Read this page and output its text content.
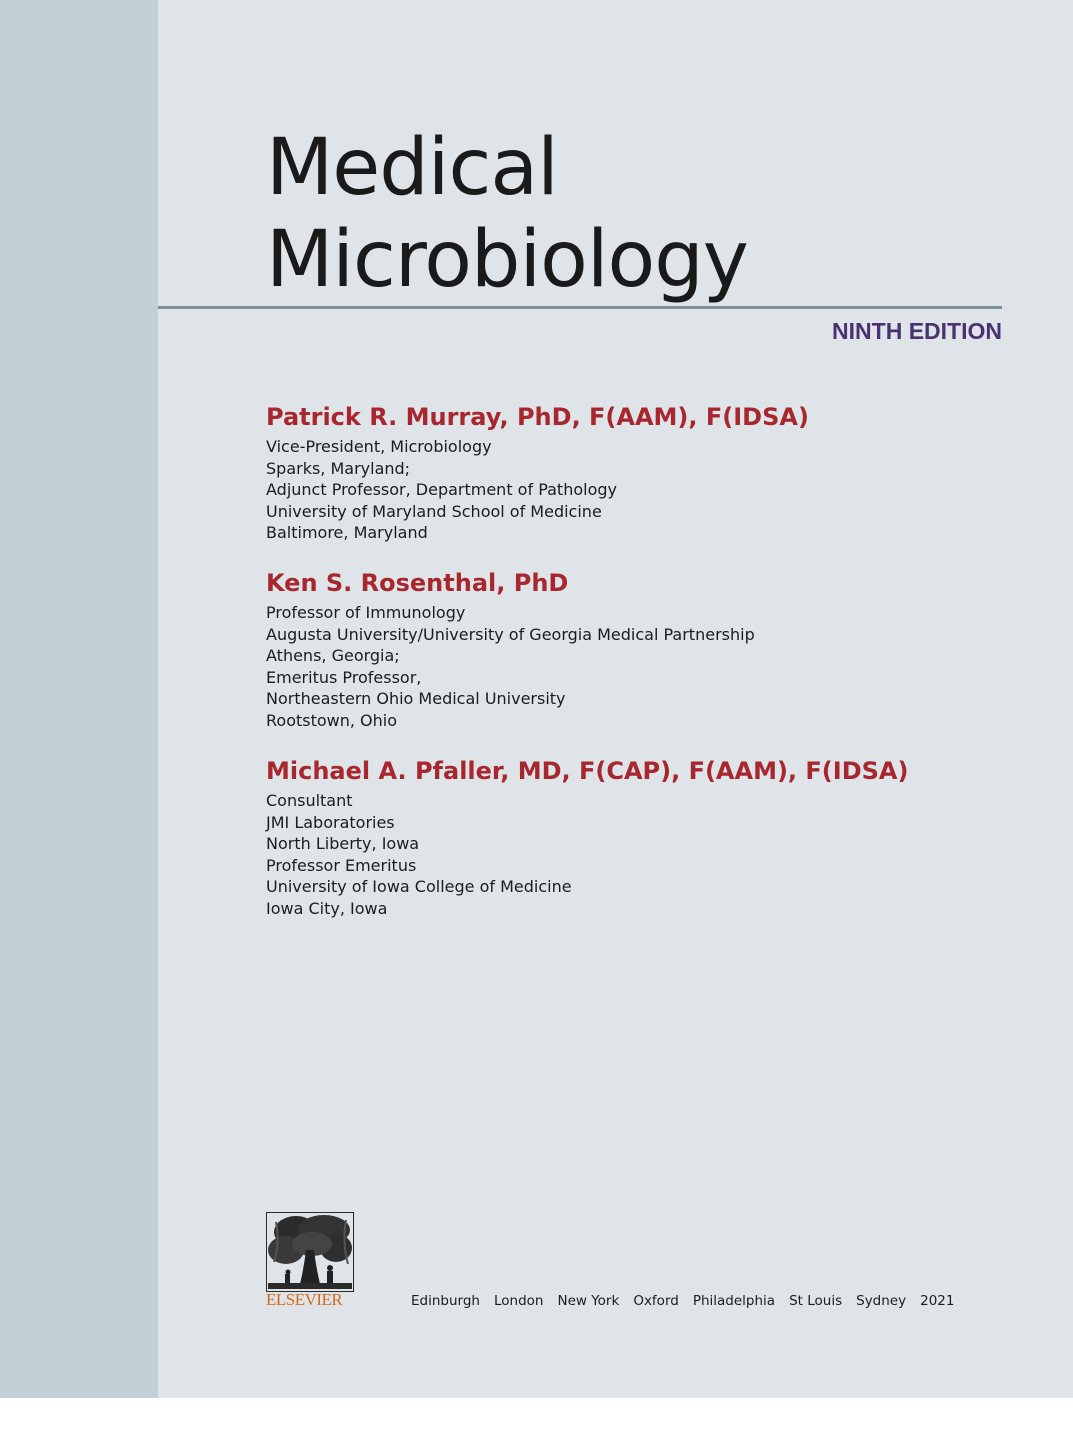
Medical
Microbiology
NINTH EDITION
Patrick R. Murray, PhD, F(AAM), F(IDSA)
Vice-President, Microbiology
Sparks, Maryland;
Adjunct Professor, Department of Pathology
University of Maryland School of Medicine
Baltimore, Maryland
Ken S. Rosenthal, PhD
Professor of Immunology
Augusta University/University of Georgia Medical Partnership
Athens, Georgia;
Emeritus Professor,
Northeastern Ohio Medical University
Rootstown, Ohio
Michael A. Pfaller, MD, F(CAP), F(AAM), F(IDSA)
Consultant
JMI Laboratories
North Liberty, Iowa
Professor Emeritus
University of Iowa College of Medicine
Iowa City, Iowa
ELSEVIER	Edinburgh London New York Oxford Philadelphia St Louis Sydney 2021
